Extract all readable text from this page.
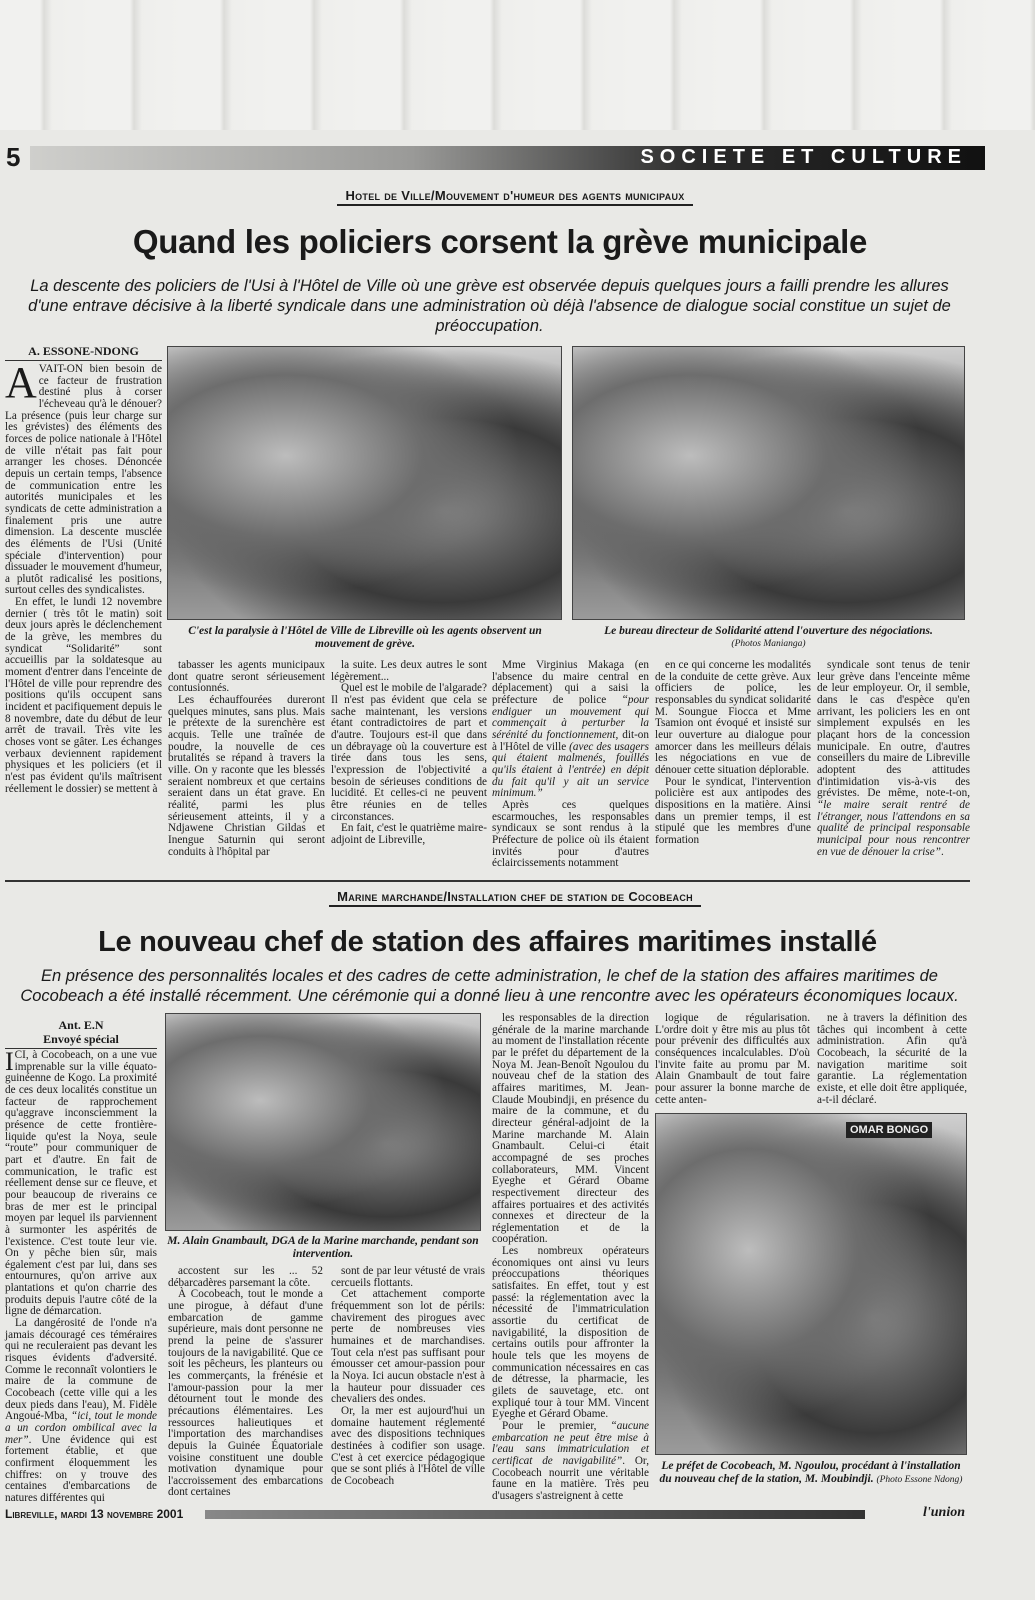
5	SOCIETE ET CULTURE
Hotel de Ville/Mouvement d'humeur des agents municipaux
Quand les policiers corsent la grève municipale
La descente des policiers de l'Usi à l'Hôtel de Ville où une grève est observée depuis quelques jours a failli prendre les allures d'une entrave décisive à la liberté syndicale dans une administration où déjà l'absence de dialogue social constitue un sujet de préoccupation.
A. ESSONE-NDONG

AVAIT-ON bien besoin de ce facteur de frustration destiné plus à corser l'écheveau qu'à le dénouer? La présence (puis leur charge sur les grévistes) des éléments des forces de police nationale à l'Hôtel de ville n'était pas fait pour arranger les choses. Dénoncée depuis un certain temps, l'absence de communication entre les autorités municipales et les syndicats de cette administration a finalement pris une autre dimension. La descente musclée des éléments de l'Usi (Unité spéciale d'intervention) pour dissuader le mouvement d'humeur, a plutôt radicalisé les positions, surtout celles des syndicalistes.

En effet, le lundi 12 novembre dernier ( très tôt le matin) soit deux jours après le déclenchement de la grève, les membres du syndicat “Solidarité” sont accueillis par la soldatesque au moment d'entrer dans l'enceinte de l'Hôtel de ville pour reprendre des positions qu'ils occupent sans incident et pacifiquement depuis le 8 novembre, date du début de leur arrêt de travail. Très vite les choses vont se gâter. Les échanges verbaux deviennent rapidement physiques et les policiers (et il n'est pas évident qu'ils maîtrisent réellement le dossier) se mettent à

C'est la paralysie à l'Hôtel de Ville de Libreville où les agents observent un mouvement de grève.
Le bureau directeur de Solidarité attend l'ouverture des négociations.
(Photos Manianga)

tabasser les agents municipaux dont quatre seront sérieusement contusionnés.

Les échauffourées dureront quelques minutes, sans plus. Mais le prétexte de la surenchère est acquis. Telle une traînée de poudre, la nouvelle de ces brutalités se répand à travers la ville. On y raconte que les blessés seraient nombreux et que certains seraient dans un état grave. En réalité, parmi les plus sérieusement atteints, il y a Ndjawene Christian Gildas et Inengue Saturnin qui seront conduits à l'hôpital par

la suite. Les deux autres le sont légèrement...

Quel est le mobile de l'algarade? Il n'est pas évident que cela se sache maintenant, les versions étant contradictoires de part et d'autre. Toujours est-il que dans un débrayage où la couverture est tirée dans tous les sens, l'expression de l'objectivité a besoin de sérieuses conditions de lucidité. Et celles-ci ne peuvent être réunies en de telles circonstances.

En fait, c'est le quatrième maire-adjoint de Libreville,

Mme Virginius Makaga (en l'absence du maire central en déplacement) qui a saisi la préfecture de police “pour endiguer un mouvement qui commençait à perturber la sérénité du fonctionnement, dit-on à l'Hôtel de ville (avec des usagers qui étaient malmenés, fouillés qu'ils étaient à l'entrée) en dépit du fait qu'il y ait un service minimum.”

Après ces quelques escarmouches, les responsables syndicaux se sont rendus à la Préfecture de police où ils étaient invités pour d'autres éclaircissements notamment

en ce qui concerne les modalités de la conduite de cette grève. Aux officiers de police, les responsables du syndicat solidarité M. Soungue Fiocca et Mme Tsamion ont évoqué et insisté sur leur ouverture au dialogue pour amorcer dans les meilleurs délais les négociations en vue de dénouer cette situation déplorable.

Pour le syndicat, l'intervention policière est aux antipodes des dispositions en la matière. Ainsi dans un premier temps, il est stipulé que les membres d'une formation

syndicale sont tenus de tenir leur grève dans l'enceinte même de leur employeur. Or, il semble, dans le cas d'espèce qu'en arrivant, les policiers les en ont simplement expulsés en les plaçant hors de la concession municipale. En outre, d'autres conseillers du maire de Libreville adoptent des attitudes d'intimidation vis-à-vis des grévistes. De même, note-t-on, “le maire serait rentré de l'étranger, nous l'attendons en sa qualité de principal responsable municipal pour nous rencontrer en vue de dénouer la crise”.

Marine marchande/Installation chef de station de Cocobeach
Le nouveau chef de station des affaires maritimes installé
En présence des personnalités locales et des cadres de cette administration, le chef de la station des affaires maritimes de Cocobeach a été installé récemment. Une cérémonie qui a donné lieu à une rencontre avec les opérateurs économiques locaux.
Ant. E.N
Envoyé spécial

ICI, à Cocobeach, on a une vue imprenable sur la ville équato-guinéenne de Kogo. La proximité de ces deux localités constitue un facteur de rapprochement qu'aggrave inconsciemment la présence de cette frontière-liquide qu'est la Noya, seule “route” pour communiquer de part et d'autre. En fait de communication, le trafic est réellement dense sur ce fleuve, et pour beaucoup de riverains ce bras de mer est le principal moyen par lequel ils parviennent à surmonter les aspérités de l'existence. C'est toute leur vie. On y pêche bien sûr, mais également c'est par lui, dans ses entournures, qu'on arrive aux plantations et qu'on charrie des produits depuis l'autre côté de la ligne de démarcation.

La dangérosité de l'onde n'a jamais découragé ces téméraires qui ne reculeraient pas devant les risques évidents d'adversité. Comme le reconnaît volontiers le maire de la commune de Cocobeach (cette ville qui a les deux pieds dans l'eau), M. Fidèle Angoué-Mba, “ici, tout le monde a un cordon ombilical avec la mer”. Une évidence qui est fortement établie, et que confirment éloquemment les chiffres: on y trouve des centaines d'embarcations de natures différentes qui

M. Alain Gnambault, DGA de la Marine marchande, pendant son intervention.

accostent sur les ... 52 débarcadères parsemant la côte.

À Cocobeach, tout le monde a une pirogue, à défaut d'une embarcation de gamme supérieure, mais dont personne ne prend la peine de s'assurer toujours de la navigabilité. Que ce soit les pêcheurs, les planteurs ou les commerçants, la frénésie et l'amour-passion pour la mer détournent tout le monde des précautions élémentaires. Les ressources halieutiques et l'importation des marchandises depuis la Guinée Équatoriale voisine constituent une double motivation dynamique pour l'accroissement des embarcations dont certaines

sont de par leur vétusté de vrais cercueils flottants.

Cet attachement comporte fréquemment son lot de périls: chavirement des pirogues avec perte de nombreuses vies humaines et de marchandises. Tout cela n'est pas suffisant pour émousser cet amour-passion pour la Noya. Ici aucun obstacle n'est à la hauteur pour dissuader ces chevaliers des ondes.

Or, la mer est aujourd'hui un domaine hautement réglementé avec des dispositions techniques destinées à codifier son usage. C'est à cet exercice pédagogique que se sont pliés à l'Hôtel de ville de Cocobeach

les responsables de la direction générale de la marine marchande au moment de l'installation récente par le préfet du département de la Noya M. Jean-Benoît Ngoulou du nouveau chef de la station des affaires maritimes, M. Jean-Claude Moubindji, en présence du maire de la commune, et du directeur général-adjoint de la Marine marchande M. Alain Gnambault. Celui-ci était accompagné de ses proches collaborateurs, MM. Vincent Eyeghe et Gérard Obame respectivement directeur des affaires portuaires et des activités connexes et directeur de la réglementation et de la coopération.

Les nombreux opérateurs économiques ont ainsi vu leurs préoccupations théoriques satisfaites. En effet, tout y est passé: la réglementation avec la nécessité de l'immatriculation assortie du certificat de navigabilité, la disposition de certains outils pour affronter la houle tels que les moyens de communication nécessaires en cas de détresse, la pharmacie, les gilets de sauvetage, etc. ont expliqué tour à tour MM. Vincent Eyeghe et Gérard Obame.

Pour le premier, “aucune embarcation ne peut être mise à l'eau sans immatriculation et certificat de navigabilité”. Or, Cocobeach nourrit une véritable faune en la matière. Très peu d'usagers s'astreignent à cette

logique de régularisation. L'ordre doit y être mis au plus tôt pour prévenir des difficultés aux conséquences incalculables. D'où l'invite faite au promu par M. Alain Gnambault de tout faire pour assurer la bonne marche de cette anten-

ne à travers la définition des tâches qui incombent à cette administration. Afin qu'à Cocobeach, la sécurité de la navigation maritime soit garantie. La réglementation existe, et elle doit être appliquée, a-t-il déclaré.

OMAR BONGO
Le préfet de Cocobeach, M. Ngoulou, procédant à l'installation du nouveau chef de la station, M. Moubindji. (Photo Essone Ndong)
Libreville, mardi 13 novembre 2001	l'union
